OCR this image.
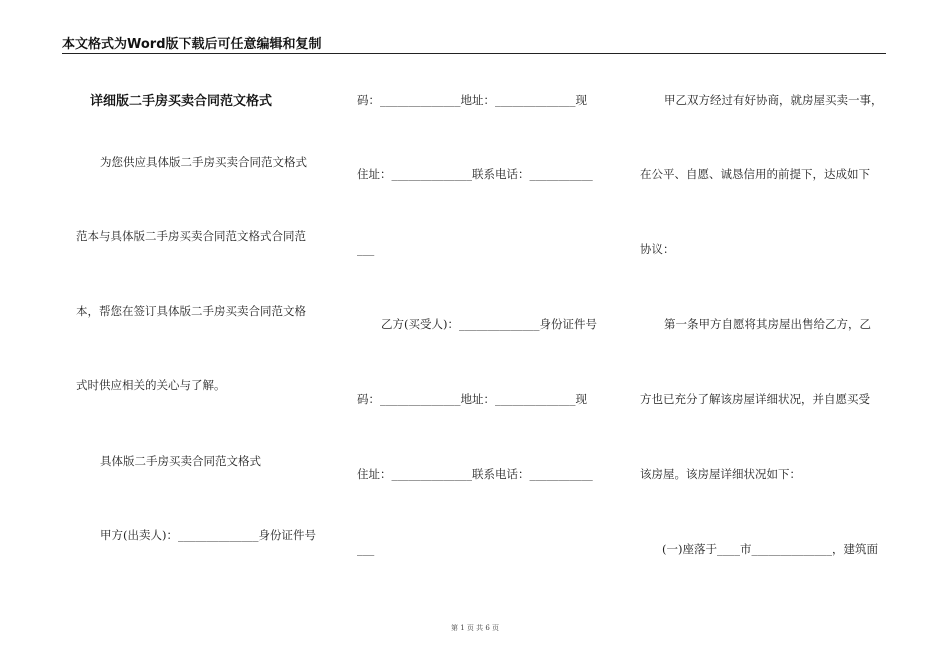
本文格式为Word版下载后可任意编辑和复制
详细版二手房买卖合同范文格式
为您供应具体版二手房买卖合同范文格式
范本与具体版二手房买卖合同范文格式合同范
本，帮您在签订具体版二手房买卖合同范文格
式时供应相关的关心与了解。
具体版二手房买卖合同范文格式
甲方(出卖人)：______________身份证件号
码：______________地址：______________现
住址：______________联系电话：___________
___
乙方(买受人)：______________身份证件号
码：______________地址：______________现
住址：______________联系电话：___________
___
甲乙双方经过有好协商，就房屋买卖一事，
在公平、自愿、诚恳信用的前提下，达成如下
协议：
第一条甲方自愿将其房屋出售给乙方，乙
方也已充分了解该房屋详细状况，并自愿买受
该房屋。该房屋详细状况如下：
(一)座落于____市______________，建筑面
第 1 页 共 6 页
